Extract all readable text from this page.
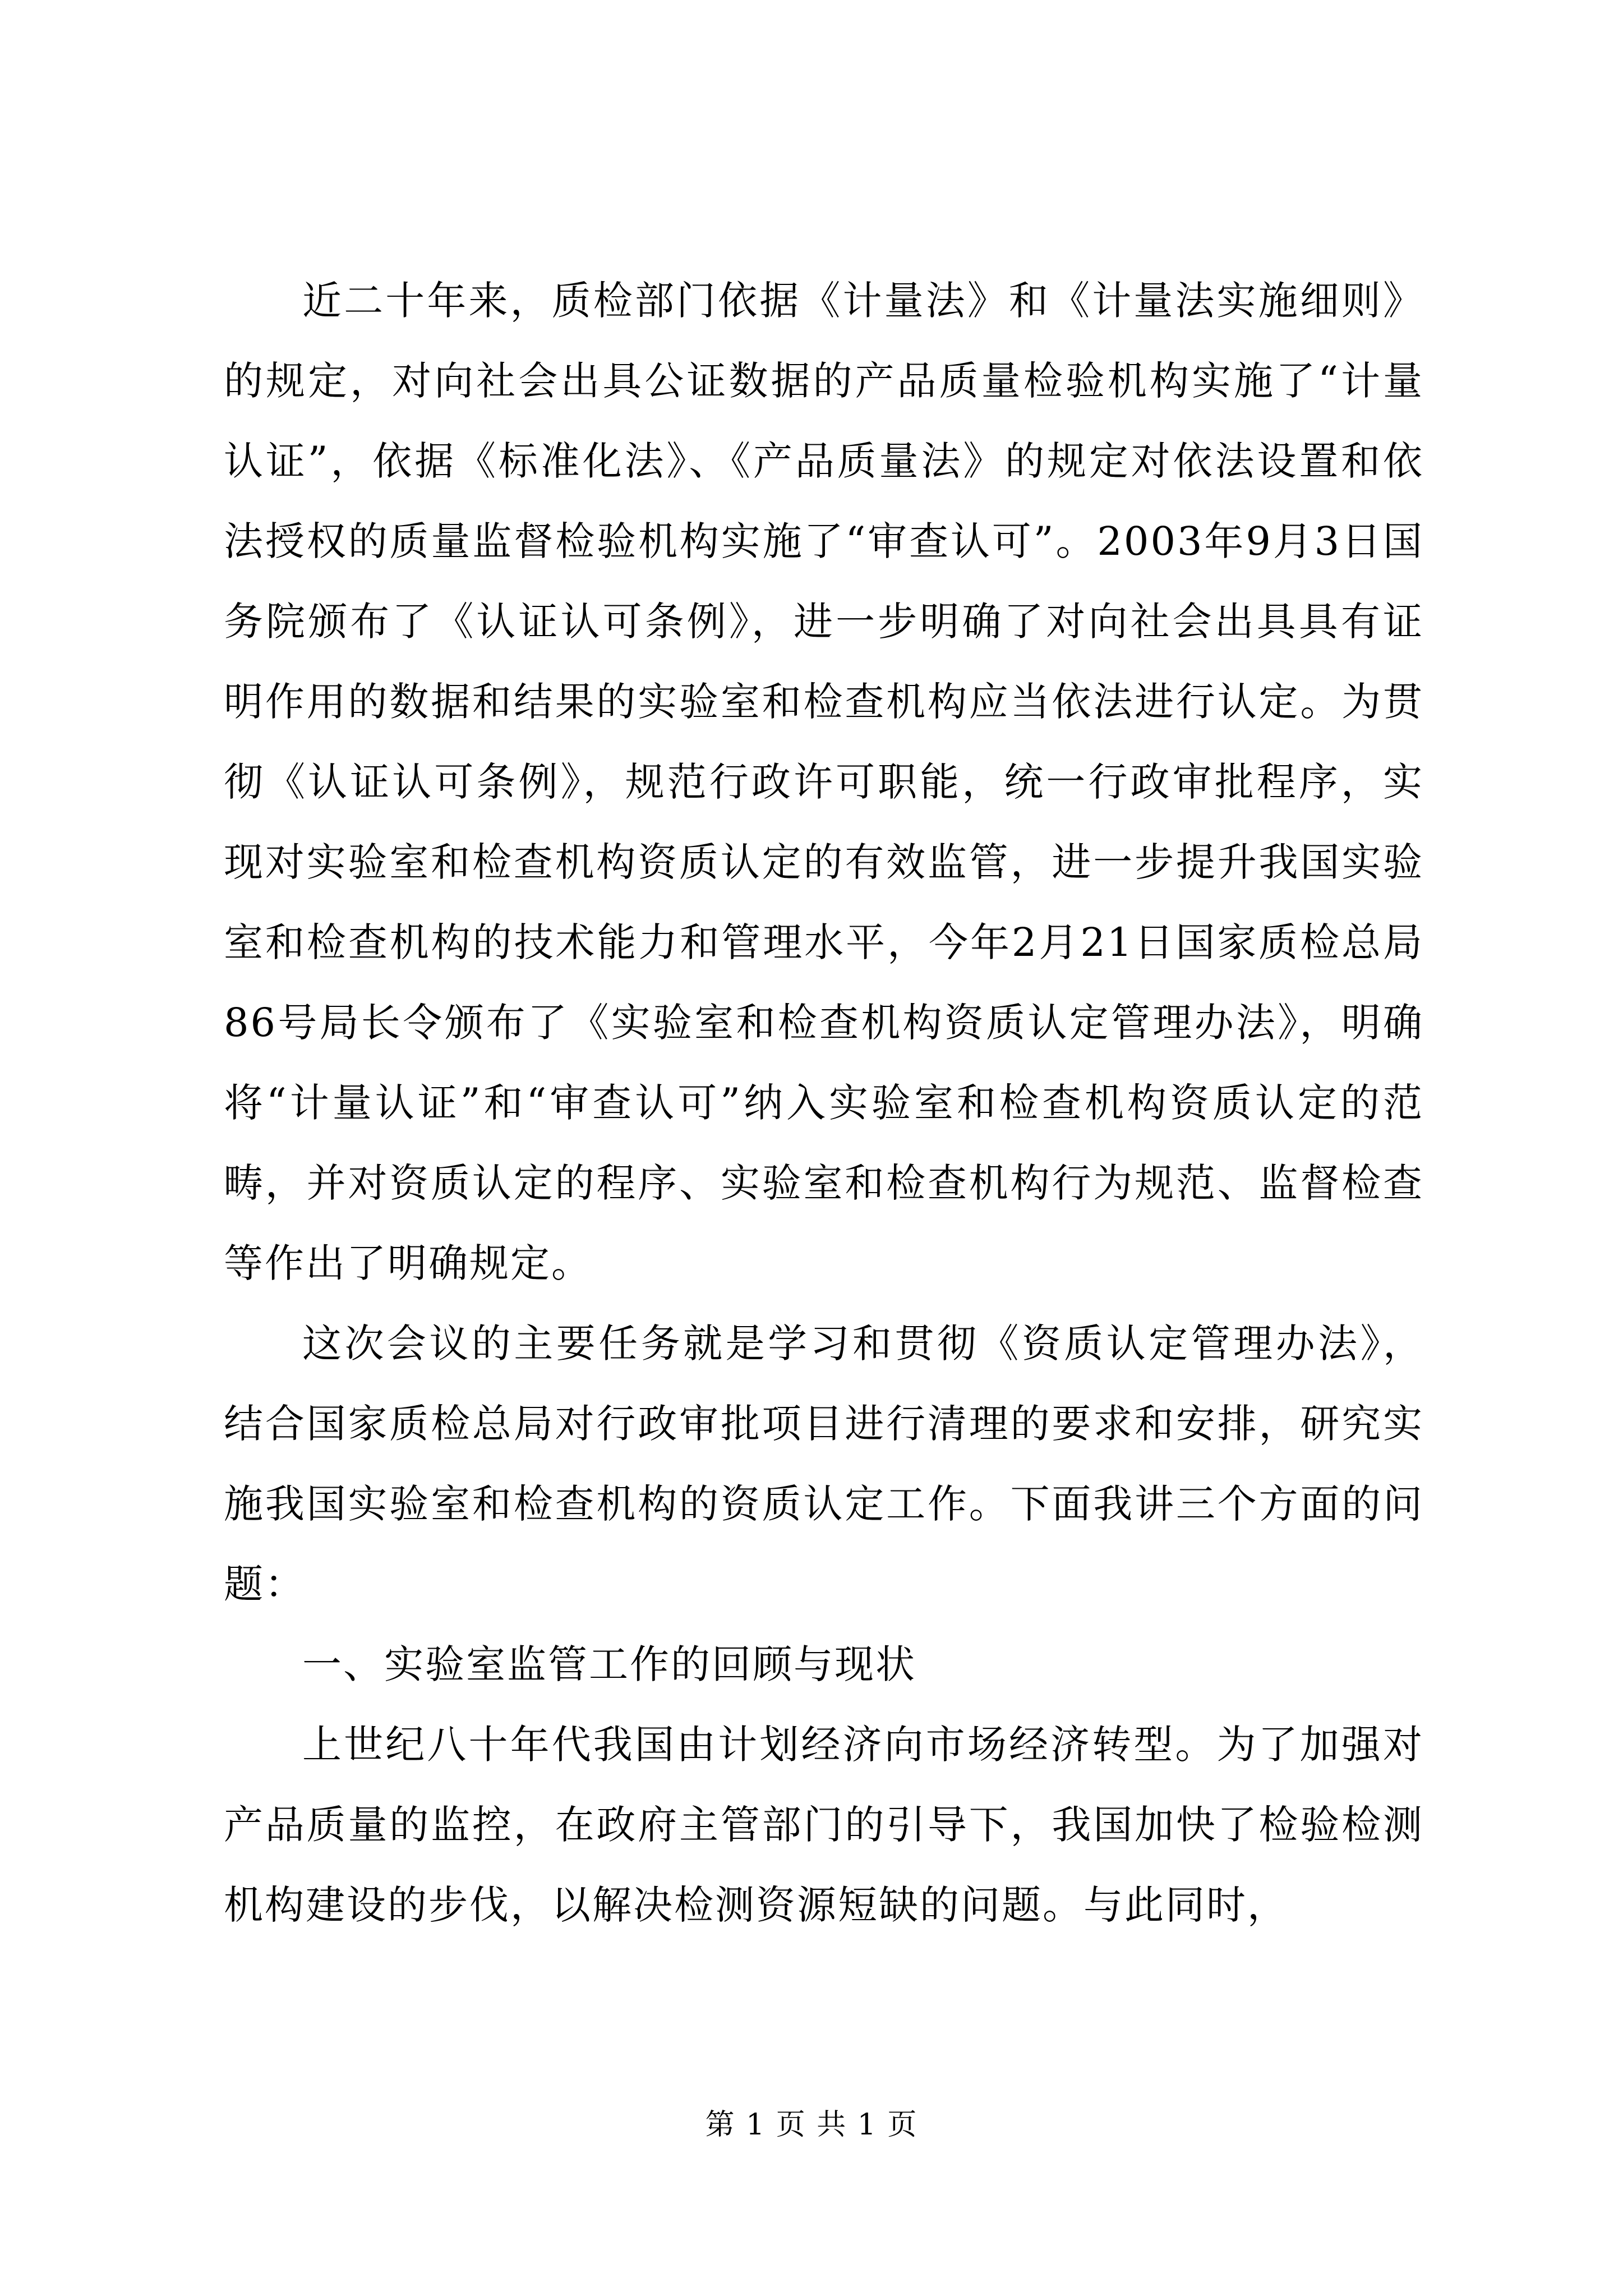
近二十年来，质检部门依据《计量法》和《计量法实施细则》的规定，对向社会出具公证数据的产品质量检验机构实施了“计量认证”，依据《标准化法》、《产品质量法》的规定对依法设置和依法授权的质量监督检验机构实施了“审查认可”。2003年9月3日国务院颁布了《认证认可条例》，进一步明确了对向社会出具具有证明作用的数据和结果的实验室和检查机构应当依法进行认定。为贯彻《认证认可条例》，规范行政许可职能，统一行政审批程序，实现对实验室和检查机构资质认定的有效监管，进一步提升我国实验室和检查机构的技术能力和管理水平，今年2月21日国家质检总局86号局长令颁布了《实验室和检查机构资质认定管理办法》，明确将“计量认证”和“审查认可”纳入实验室和检查机构资质认定的范畴，并对资质认定的程序、实验室和检查机构行为规范、监督检查等作出了明确规定。

这次会议的主要任务就是学习和贯彻《资质认定管理办法》，结合国家质检总局对行政审批项目进行清理的要求和安排，研究实施我国实验室和检查机构的资质认定工作。下面我讲三个方面的问题：

一、实验室监管工作的回顾与现状

上世纪八十年代我国由计划经济向市场经济转型。为了加强对产品质量的监控，在政府主管部门的引导下，我国加快了检验检测机构建设的步伐，以解决检测资源短缺的问题。与此同时，

第 1 页 共 1 页
